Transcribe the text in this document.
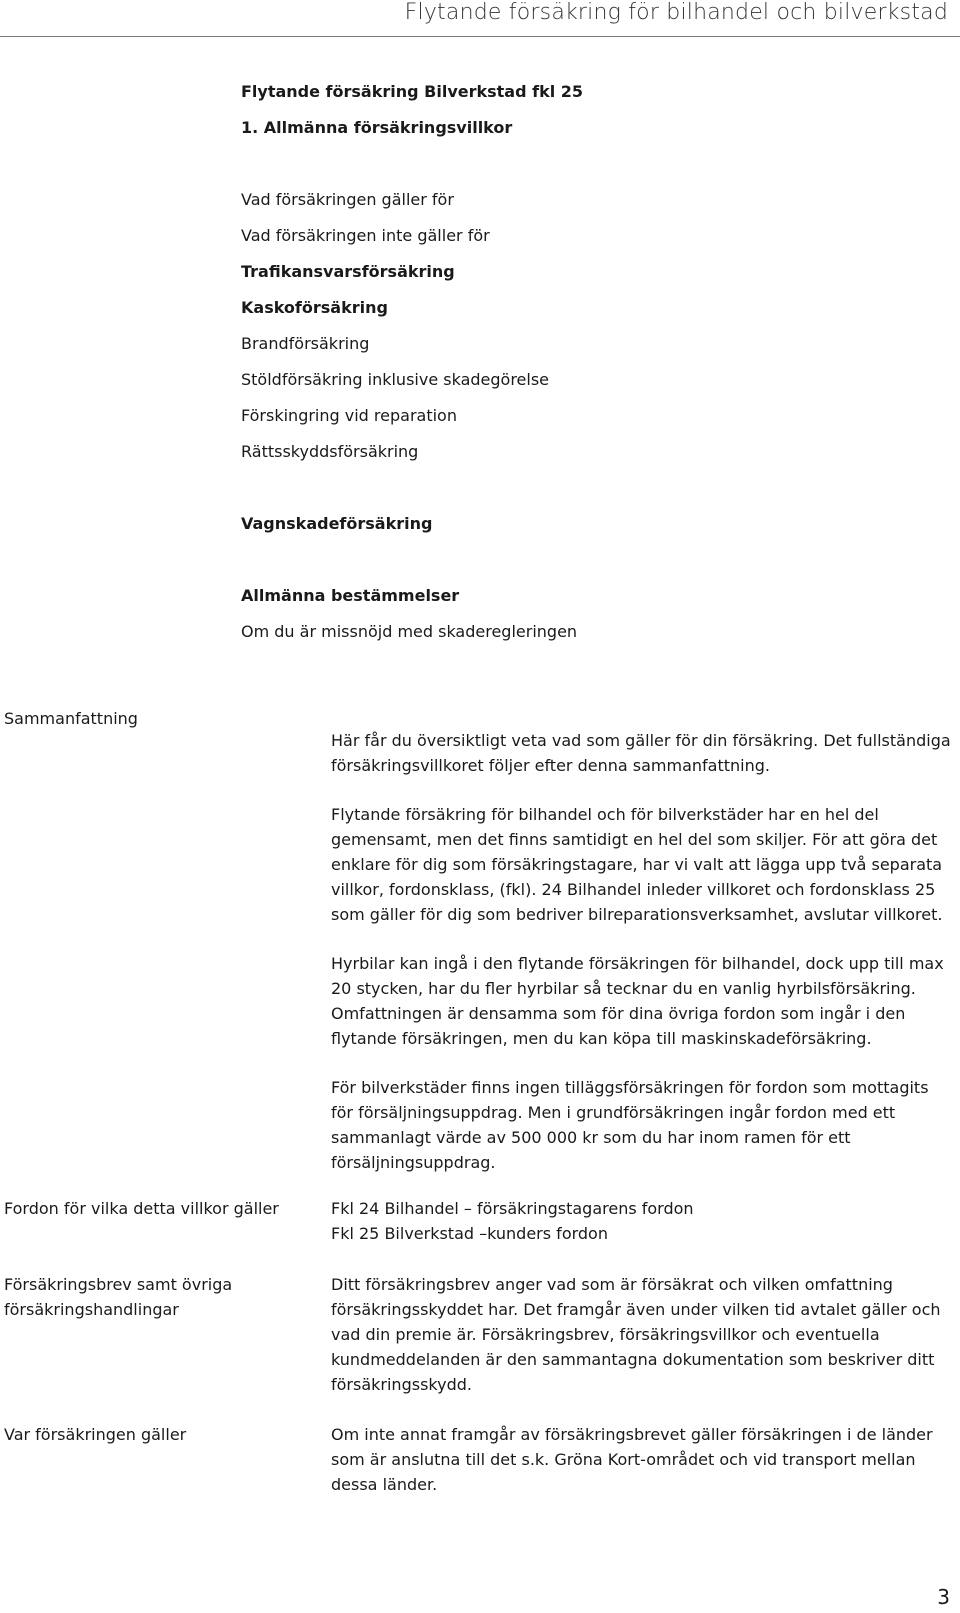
Flytande försäkring för bilhandel och bilverkstad
Flytande försäkring Bilverkstad fkl 25
1. Allmänna försäkringsvillkor
Vad försäkringen gäller för
Vad försäkringen inte gäller för
Trafikansvarsförsäkring
Kaskoförsäkring
Brandförsäkring
Stöldförsäkring inklusive skadegörelse
Förskingring vid reparation
Rättsskyddsförsäkring
Vagnskadeförsäkring
Allmänna bestämmelser
Om du är missnöjd med skaderegleringen
Sammanfattning

Här får du översiktligt veta vad som gäller för din försäkring. Det fullständiga försäkringsvillkoret följer efter denna sammanfattning.

Flytande försäkring för bilhandel och för bilverkstäder har en hel del gemensamt, men det finns samtidigt en hel del som skiljer. För att göra det enklare för dig som försäkringstagare, har vi valt att lägga upp två separata villkor, fordonsklass, (fkl). 24 Bilhandel inleder villkoret och fordonsklass 25 som gäller för dig som bedriver bilreparationsverksamhet, avslutar villkoret.

Hyrbilar kan ingå i den flytande försäkringen för bilhandel, dock upp till max 20 stycken, har du fler hyrbilar så tecknar du en vanlig hyrbilsförsäkring. Omfattningen är densamma som för dina övriga fordon som ingår i den flytande försäkringen, men du kan köpa till maskinskadeförsäkring.

För bilverkstäder finns ingen tilläggsförsäkringen för fordon som mottagits för försäljningsuppdrag. Men i grundförsäkringen ingår fordon med ett sammanlagt värde av 500 000 kr som du har inom ramen för ett försäljningsuppdrag.

Fordon för vilka detta villkor gäller	Fkl 24 Bilhandel – försäkringstagarens fordon
Fkl 25 Bilverkstad –kunders fordon
Försäkringsbrev samt övriga försäkringshandlingar
Ditt försäkringsbrev anger vad som är försäkrat och vilken omfattning försäkringsskyddet har. Det framgår även under vilken tid avtalet gäller och vad din premie är. Försäkringsbrev, försäkringsvillkor och eventuella kundmeddelanden är den sammantagna dokumentation som beskriver ditt försäkringsskydd.
Var försäkringen gäller	Om inte annat framgår av försäkringsbrevet gäller försäkringen i de länder som är anslutna till det s.k. Gröna Kort-området och vid transport mellan dessa länder.
3
